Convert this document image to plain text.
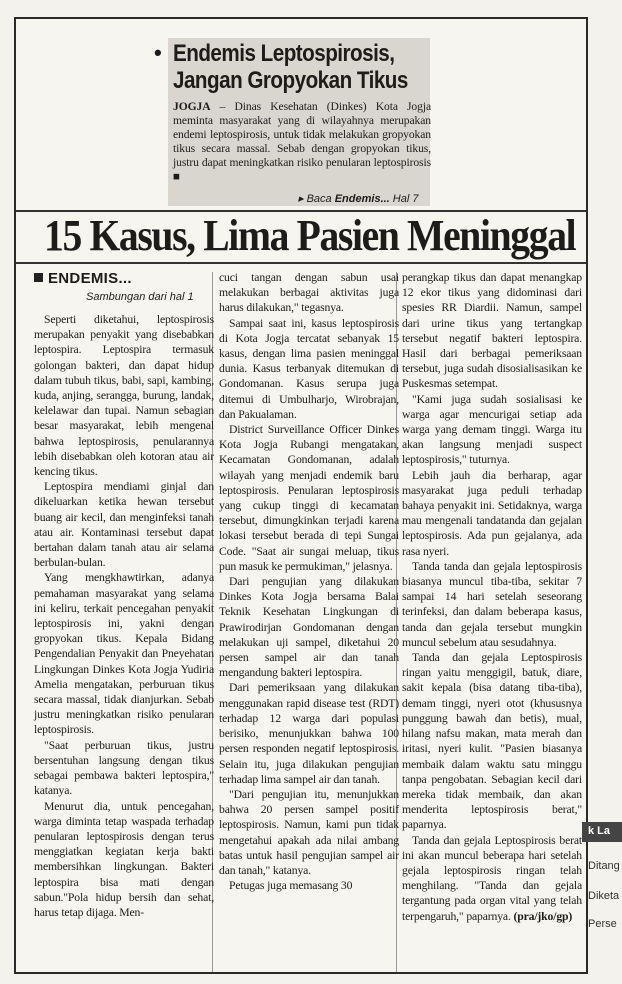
• Endemis Leptospirosis,
Jangan Gropyokan Tikus
JOGJA – Dinas Kesehatan (Dinkes) Kota Jogja meminta masyarakat yang di wilayahnya merupakan endemi leptospirosis, untuk tidak melakukan gropyokan tikus secara massal. Sebab dengan gropyokan tikus, justru dapat meningkatkan risiko penularan leptospirosis ■
▸ Baca Endemis... Hal 7
15 Kasus, Lima Pasien Meninggal
ENDEMIS...
Sambungan dari hal 1

Seperti diketahui, leptospirosis merupakan penyakit yang disebabkan leptospira. Leptospira termasuk golongan bakteri, dan dapat hidup dalam tubuh tikus, babi, sapi, kambing, kuda, anjing, serangga, burung, landak, kelelawar dan tupai. Namun sebagian besar masyarakat, lebih mengenal bahwa leptospirosis, penularannya lebih disebabkan oleh kotoran atau air kencing tikus.

Leptospira mendiami ginjal dan dikeluarkan ketika hewan tersebut buang air kecil, dan menginfeksi tanah atau air. Kontaminasi tersebut dapat bertahan dalam tanah atau air selama berbulan-bulan.

Yang mengkhawtirkan, adanya pemahaman masyarakat yang selama ini keliru, terkait pencegahan penyakit leptospirosis ini, yakni dengan gropyokan tikus. Kepala Bidang Pengendalian Penyakit dan Pneyehatan Lingkungan Dinkes Kota Jogja Yudiria Amelia mengatakan, perburuan tikus secara massal, tidak dianjurkan. Sebab justru meningkatkan risiko penularan leptospirosis.

"Saat perburuan tikus, justru bersentuhan langsung dengan tikus sebagai pembawa bakteri leptospira," katanya.

Menurut dia, untuk pencegahan, warga diminta tetap waspada terhadap penularan leptospirosis dengan terus menggiatkan kegiatan kerja bakti membersihkan lingkungan. Bakteri leptospira bisa mati dengan sabun."Pola hidup bersih dan sehat, harus tetap dijaga. Men-

cuci tangan dengan sabun usai melakukan berbagai aktivitas juga harus dilakukan," tegasnya.

Sampai saat ini, kasus leptospirosis di Kota Jogja tercatat sebanyak 15 kasus, dengan lima pasien meninggal dunia. Kasus terbanyak ditemukan di Gondomanan. Kasus serupa juga ditemui di Umbulharjo, Wirobrajan, dan Pakualaman.

District Surveillance Officer Dinkes Kota Jogja Rubangi mengatakan, Kecamatan Gondomanan, adalah wilayah yang menjadi endemik baru leptospirosis. Penularan leptospirosis yang cukup tinggi di kecamatan tersebut, dimungkinkan terjadi karena lokasi tersebut berada di tepi Sungai Code. "Saat air sungai meluap, tikus pun masuk ke permukiman," jelasnya.

Dari pengujian yang dilakukan Dinkes Kota Jogja bersama Balai Teknik Kesehatan Lingkungan di Prawirodirjan Gondomanan dengan melakukan uji sampel, diketahui 20 persen sampel air dan tanah mengandung bakteri leptospira.

Dari pemeriksaan yang dilakukan menggunakan rapid disease test (RDT) terhadap 12 warga dari populasi berisiko, menunjukkan bahwa 100 persen responden negatif leptospirosis. Selain itu, juga dilakukan pengujian terhadap lima sampel air dan tanah.

"Dari pengujian itu, menunjukkan bahwa 20 persen sampel positif leptospirosis. Namun, kami pun tidak mengetahui apakah ada nilai ambang batas untuk hasil pengujian sampel air dan tanah," katanya.

Petugas juga memasang 30

perangkap tikus dan dapat menangkap 12 ekor tikus yang didominasi dari spesies RR Diardii. Namun, sampel dari urine tikus yang tertangkap tersebut negatif bakteri leptospira. Hasil dari berbagai pemeriksaan tersebut, juga sudah disosialisasikan ke Puskesmas setempat.

"Kami juga sudah sosialisasi ke warga agar mencurigai setiap ada warga yang demam tinggi. Warga itu akan langsung menjadi suspect leptospirosis," tuturnya.

Lebih jauh dia berharap, agar masyarakat juga peduli terhadap bahaya penyakit ini. Setidaknya, warga mau mengenali tandatanda dan gejalan leptospirosis. Ada pun gejalanya, ada rasa nyeri.

Tanda tanda dan gejala leptospirosis biasanya muncul tiba-tiba, sekitar 7 sampai 14 hari setelah seseorang terinfeksi, dan dalam beberapa kasus, tanda dan gejala tersebut mungkin muncul sebelum atau sesudahnya.

Tanda dan gejala Leptospirosis ringan yaitu menggigil, batuk, diare, sakit kepala (bisa datang tiba-tiba), demam tinggi, nyeri otot (khususnya punggung bawah dan betis), mual, hilang nafsu makan, mata merah dan iritasi, nyeri kulit. "Pasien biasanya membaik dalam waktu satu minggu tanpa pengobatan. Sebagian kecil dari mereka tidak membaik, dan akan menderita leptospirosis berat," paparnya.

Tanda dan gejala Leptospirosis berat ini akan muncul beberapa hari setelah gejala leptospirosis ringan telah menghilang. "Tanda dan gejala tergantung pada organ vital yang telah terpengaruh," paparnya. (pra/jko/gp)

k La
Ditang
Diketa
Perse
